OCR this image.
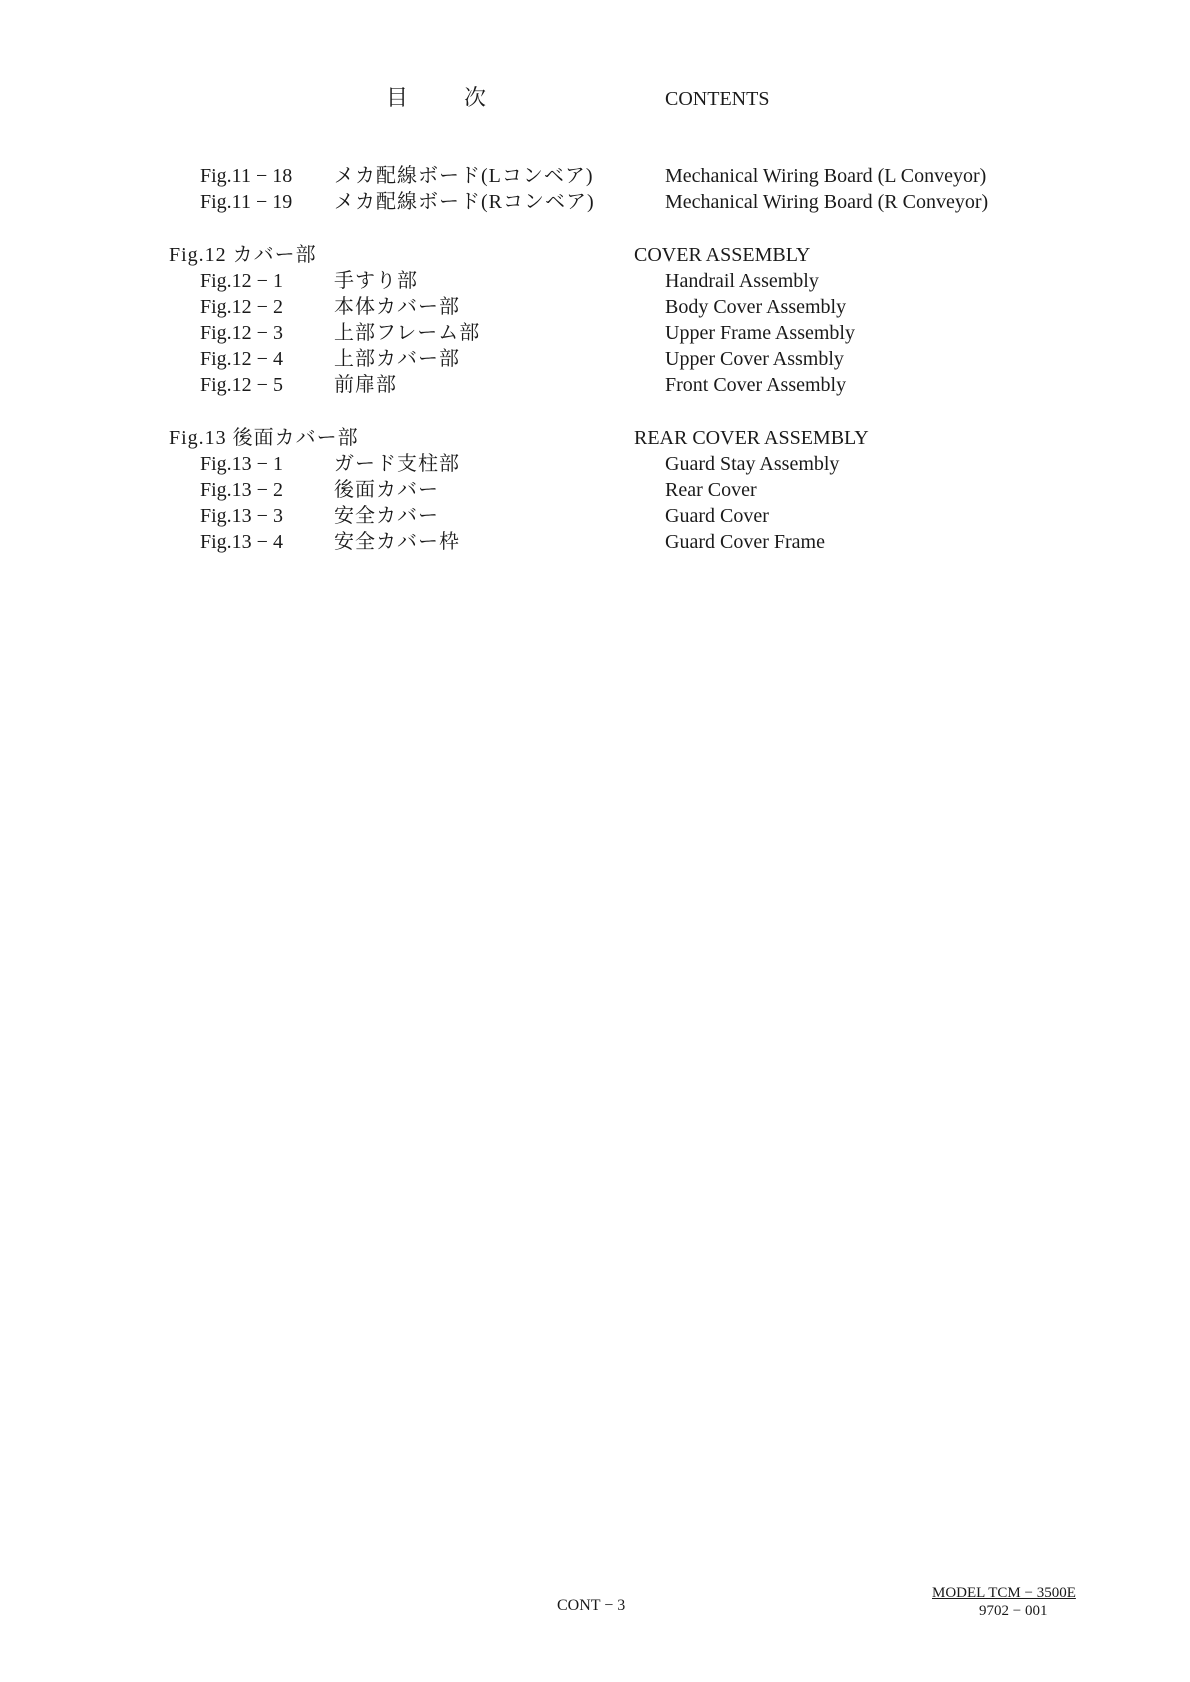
目	次	CONTENTS
Fig.11 − 18 メカ配線ボード(Lコンベア)	Mechanical Wiring Board (L Conveyor)
Fig.11 − 19 メカ配線ボード(Rコンベア)	Mechanical Wiring Board (R Conveyor)
Fig.12 カバー部	COVER ASSEMBLY
Fig.12 − 1	手すり部	Handrail Assembly
Fig.12 − 2	本体カバー部	Body Cover Assembly
Fig.12 − 3	上部フレーム部	Upper Frame Assembly
Fig.12 − 4	上部カバー部	Upper Cover Assmbly
Fig.12 − 5	前扉部	Front Cover Assembly
Fig.13 後面カバー部	REAR COVER ASSEMBLY
Fig.13 − 1	ガード支柱部	Guard Stay Assembly
Fig.13 − 2	後面カバー	Rear Cover
Fig.13 − 3	安全カバー	Guard Cover
Fig.13 − 4	安全カバー枠	Guard Cover Frame
CONT − 3
MODEL TCM − 3500E
9702 − 001
